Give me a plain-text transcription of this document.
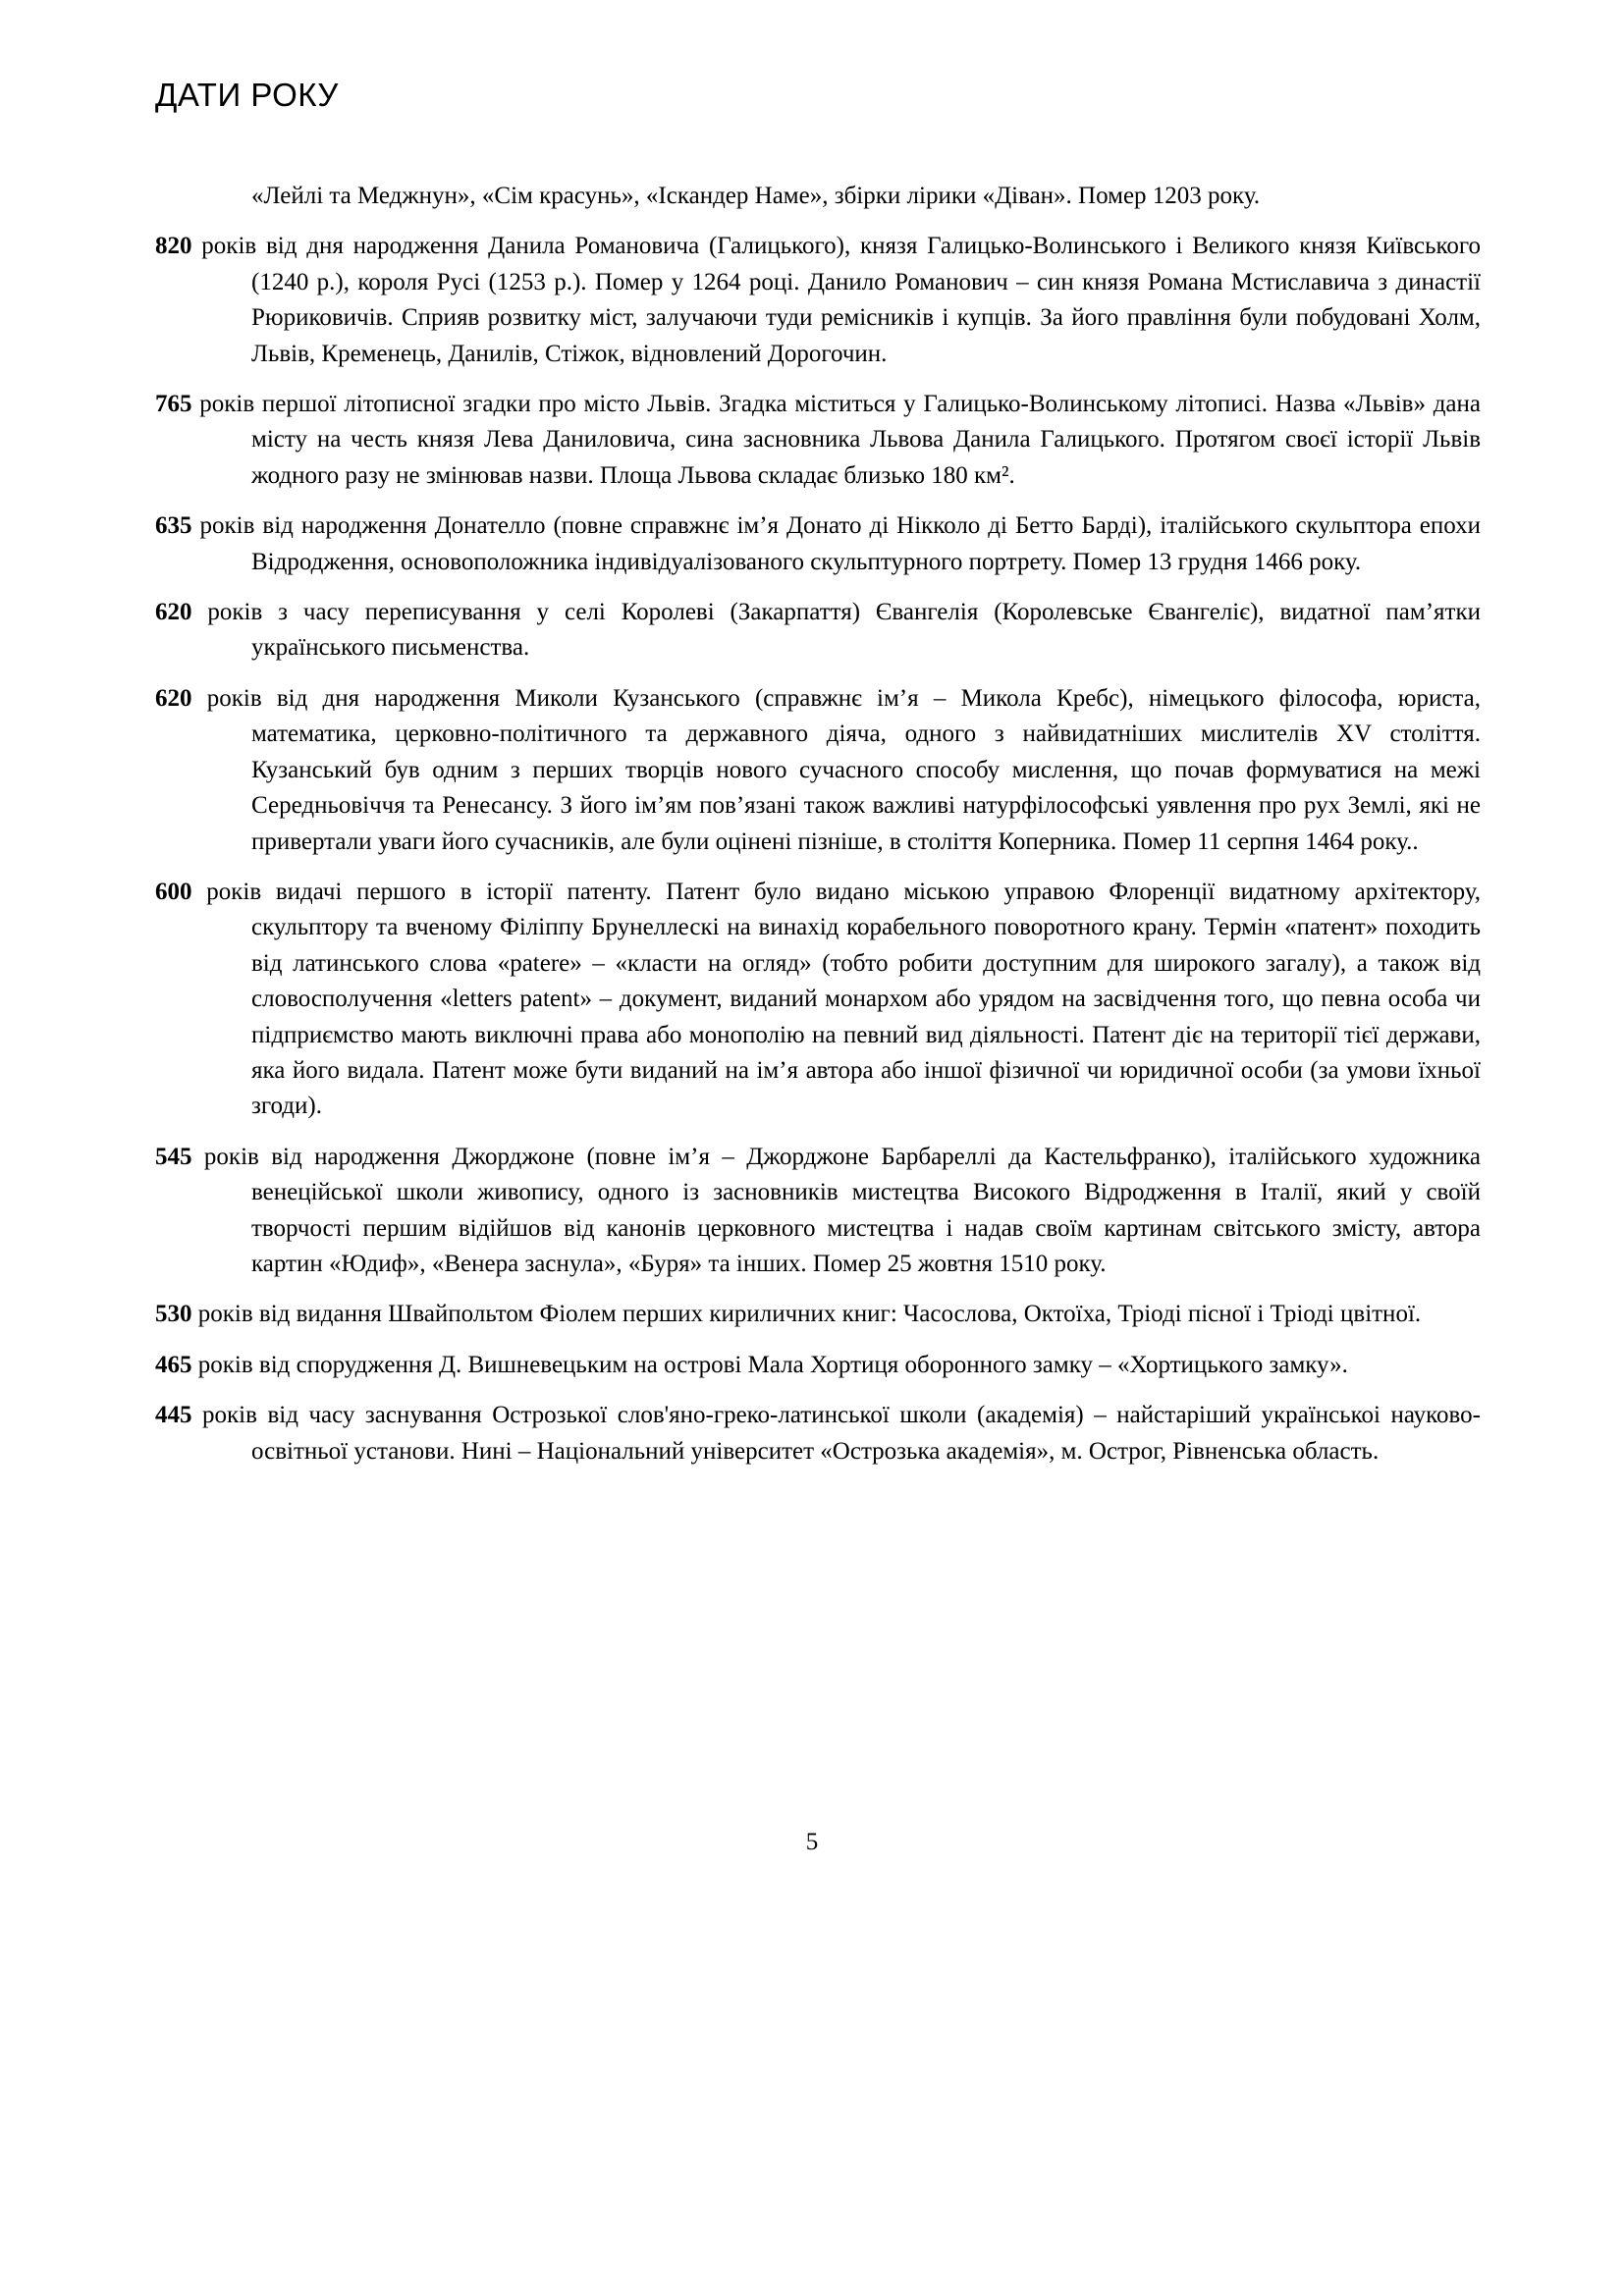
ДАТИ РОКУ

«Лейлі та Меджнун», «Сім красунь», «Іскандер Наме», збірки лірики «Діван». Помер 1203 року.

820 років від дня народження Данила Романовича (Галицького), князя Галицько-Волинського і Великого князя Київського (1240 р.), короля Русі (1253 р.). Помер у 1264 році. Данило Романович – син князя Романа Мстиславича з династії Рюриковичів. Сприяв розвитку міст, залучаючи туди ремісників і купців. За його правління були побудовані Холм, Львів, Кременець, Данилів, Стіжок, відновлений Дорогочин.

765 років першої літописної згадки про місто Львів. Згадка міститься у Галицько-Волинському літописі. Назва «Львів» дана місту на честь князя Лева Даниловича, сина засновника Львова Данила Галицького. Протягом своєї історії Львів жодного разу не змінював назви. Площа Львова складає близько 180 км².

635 років від народження Донателло (повне справжнє ім’я Донато ді Нікколо ді Бетто Барді), італійського скульптора епохи Відродження, основоположника індивідуалізованого скульптурного портрету. Помер 13 грудня 1466 року.

620 років з часу переписування у селі Королеві (Закарпаття) Євангелія (Королевське Євангеліє), видатної пам’ятки українського письменства.

620 років від дня народження Миколи Кузанського (справжнє ім’я – Микола Кребс), німецького філософа, юриста, математика, церковно-політичного та державного діяча, одного з найвидатніших мислителів XV століття. Кузанський був одним з перших творців нового сучасного способу мислення, що почав формуватися на межі Середньовіччя та Ренесансу. З його ім’ям пов’язані також важливі натурфілософські уявлення про рух Землі, які не привертали уваги його сучасників, але були оцінені пізніше, в століття Коперника. Помер 11 серпня 1464 року..

600 років видачі першого в історії патенту. Патент було видано міською управою Флоренції видатному архітектору, скульптору та вченому Філіппу Брунеллескі на винахід корабельного поворотного крану. Термін «патент» походить від латинського слова «patere» – «класти на огляд» (тобто робити доступним для широкого загалу), а також від словосполучення «letters patent» – документ, виданий монархом або урядом на засвідчення того, що певна особа чи підприємство мають виключні права або монополію на певний вид діяльності. Патент діє на території тієї держави, яка його видала. Патент може бути виданий на ім’я автора або іншої фізичної чи юридичної особи (за умови їхньої згоди).

545 років від народження Джорджоне (повне ім’я – Джорджоне Барбареллі да Кастельфранко), італійського художника венеційської школи живопису, одного із засновників мистецтва Високого Відродження в Італії, який у своїй творчості першим відійшов від канонів церковного мистецтва і надав своїм картинам світського змісту, автора картин «Юдиф», «Венера заснула», «Буря» та інших. Помер 25 жовтня 1510 року.

530 років від видання Швайпольтом Фіолем перших кириличних книг: Часослова, Октоїха, Тріоді пісної і Тріоді цвітної.

465 років від спорудження Д. Вишневецьким на острові Мала Хортиця оборонного замку – «Хортицького замку».

445 років від часу заснування Острозької слов'яно-греко-латинської школи (академія) – найстаріший українськоі науково-освітньої установи. Нині – Національний університет «Острозька академія», м. Острог, Рівненська область.

5
